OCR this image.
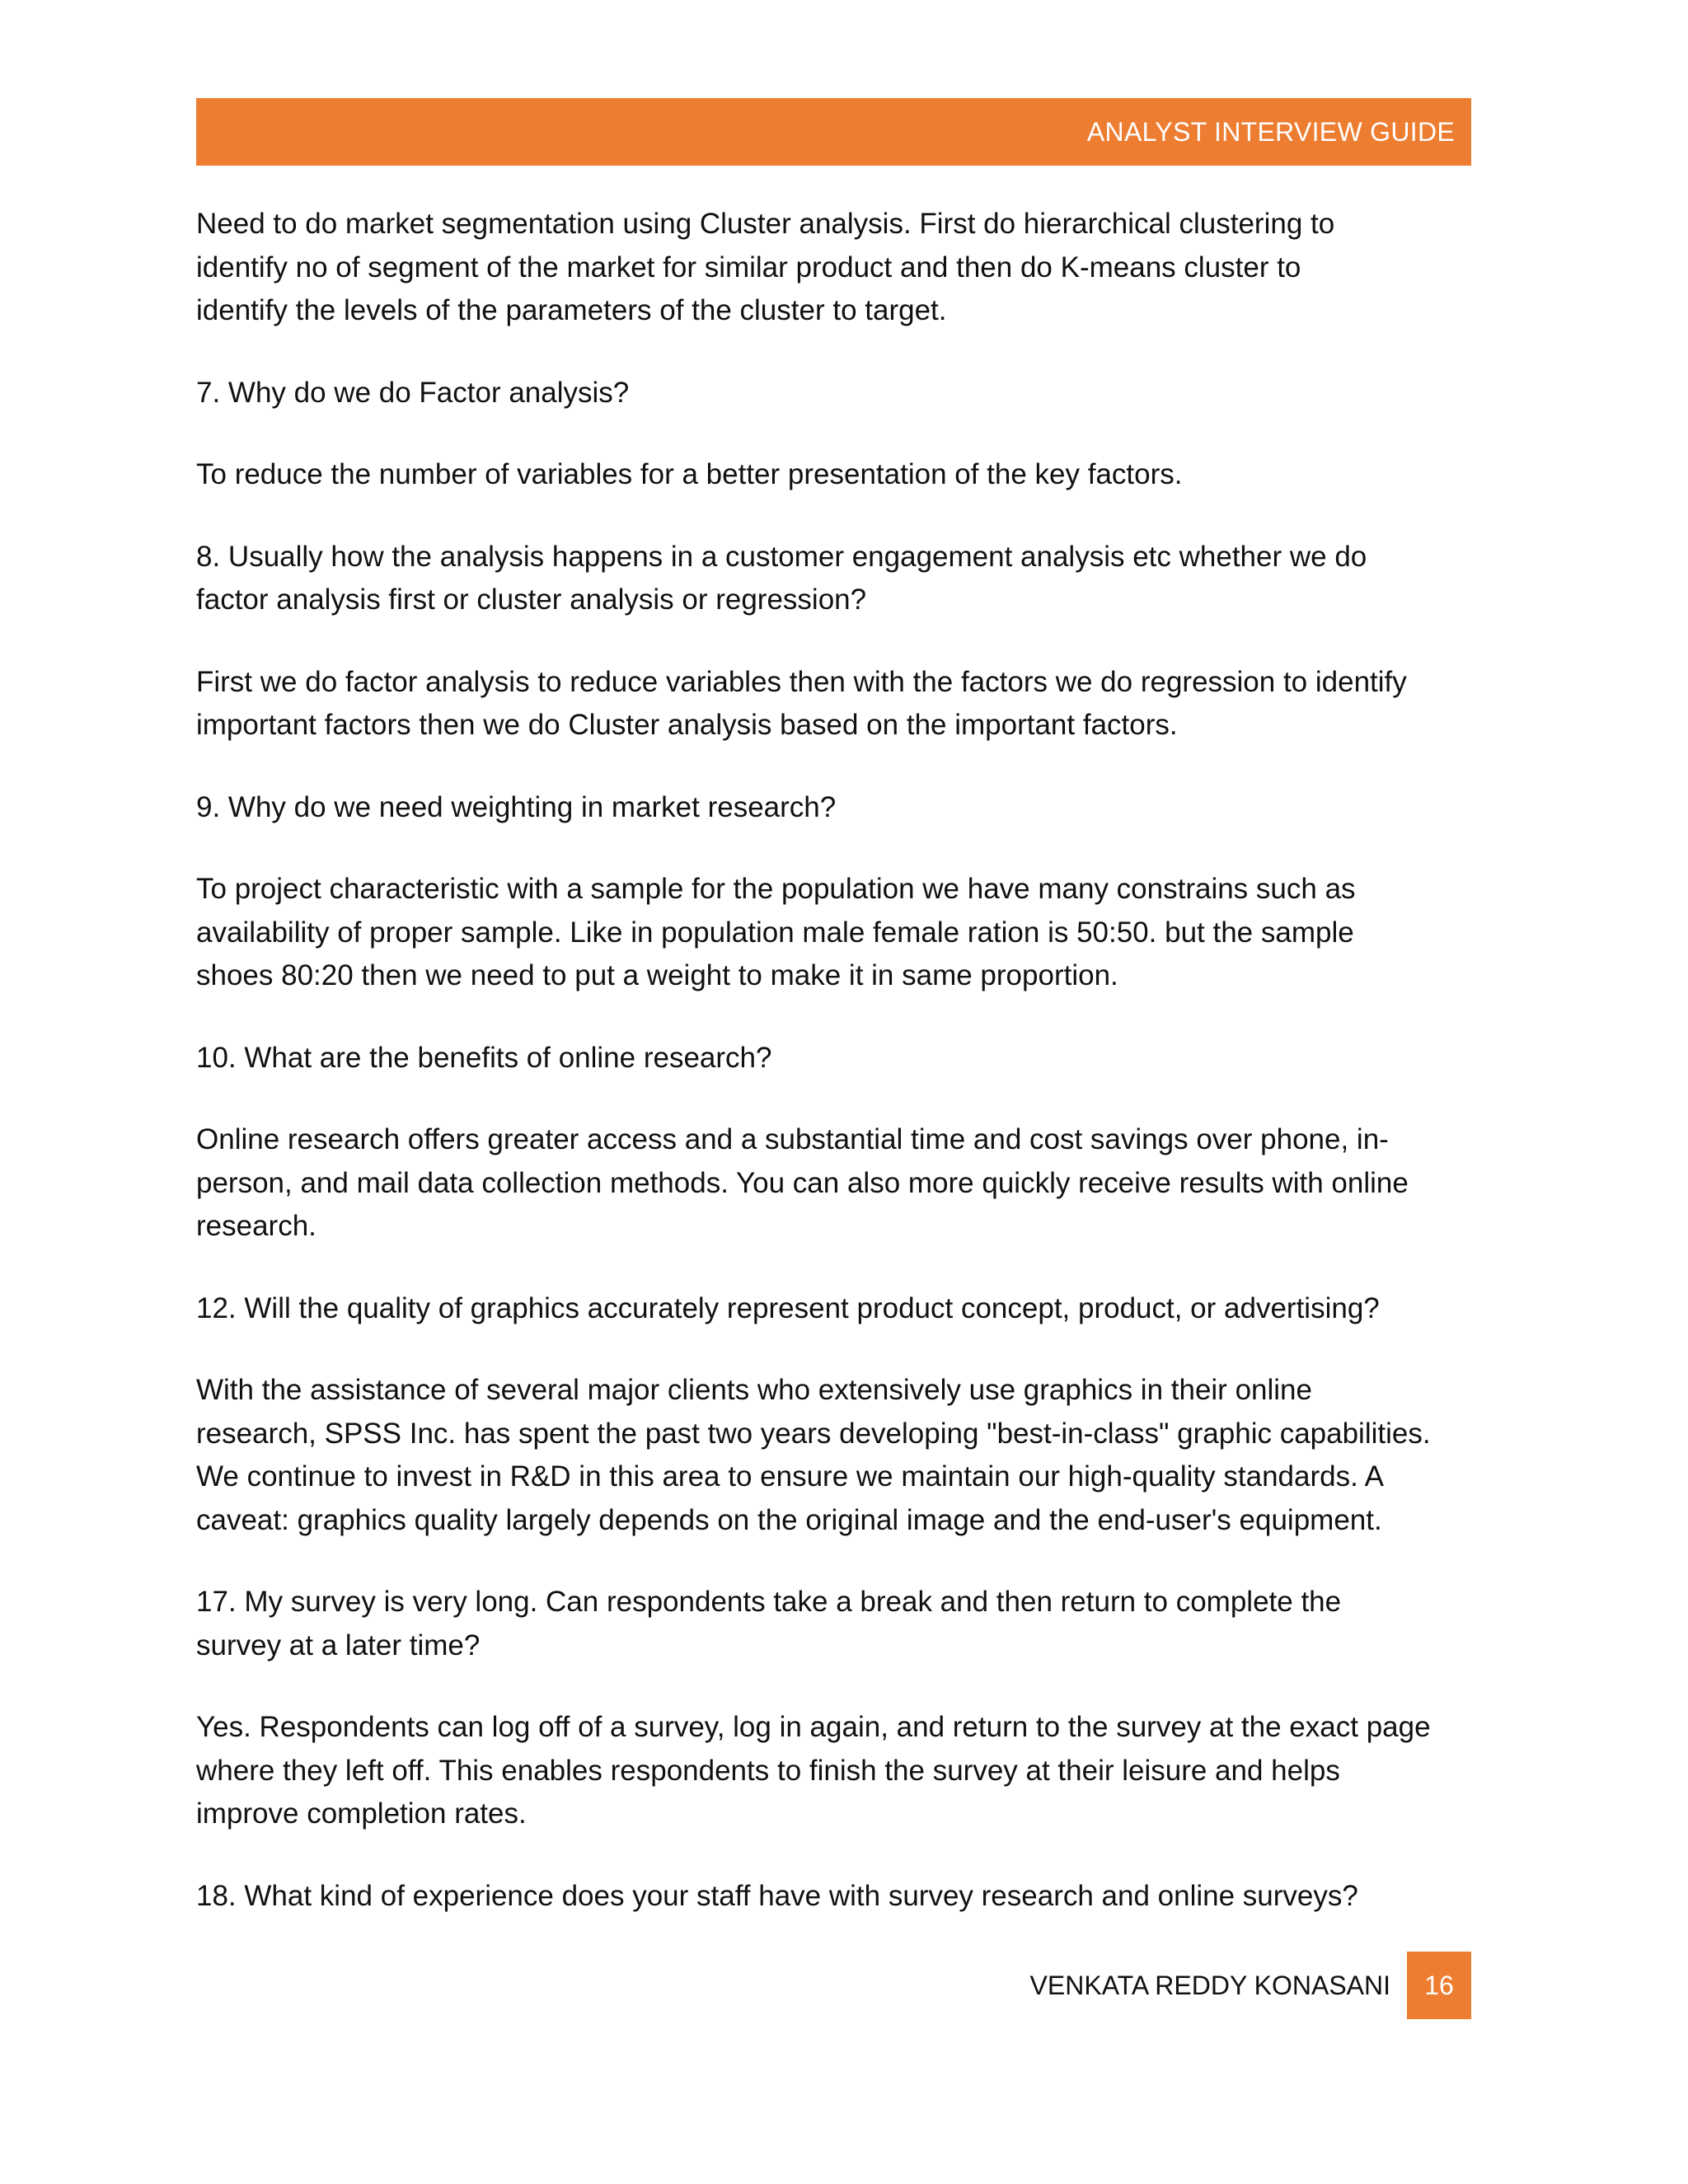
ANALYST INTERVIEW GUIDE

Need to do market segmentation using Cluster analysis. First do hierarchical clustering to
identify no of segment of the market for similar product and then do K-means cluster to
identify the levels of the parameters of the cluster to target.

7. Why do we do Factor analysis?

To reduce the number of variables for a better presentation of the key factors.

8. Usually how the analysis happens in a customer engagement analysis etc whether we do
factor analysis first or cluster analysis or regression?

First we do factor analysis to reduce variables then with the factors we do regression to identify
important factors then we do Cluster analysis based on the important factors.

9. Why do we need weighting in market research?

To project characteristic with a sample for the population we have many constrains such as
availability of proper sample. Like in population male female ration is 50:50. but the sample
shoes 80:20 then we need to put a weight to make it in same proportion.

10. What are the benefits of online research?

Online research offers greater access and a substantial time and cost savings over phone, in-
person, and mail data collection methods. You can also more quickly receive results with online
research.

12. Will the quality of graphics accurately represent product concept, product, or advertising?

With the assistance of several major clients who extensively use graphics in their online
research, SPSS Inc. has spent the past two years developing "best-in-class" graphic capabilities.
We continue to invest in R&D in this area to ensure we maintain our high-quality standards. A
caveat: graphics quality largely depends on the original image and the end-user's equipment.

17. My survey is very long. Can respondents take a break and then return to complete the
survey at a later time?

Yes. Respondents can log off of a survey, log in again, and return to the survey at the exact page
where they left off. This enables respondents to finish the survey at their leisure and helps
improve completion rates.

18. What kind of experience does your staff have with survey research and online surveys?

VENKATA REDDY KONASANI	16
